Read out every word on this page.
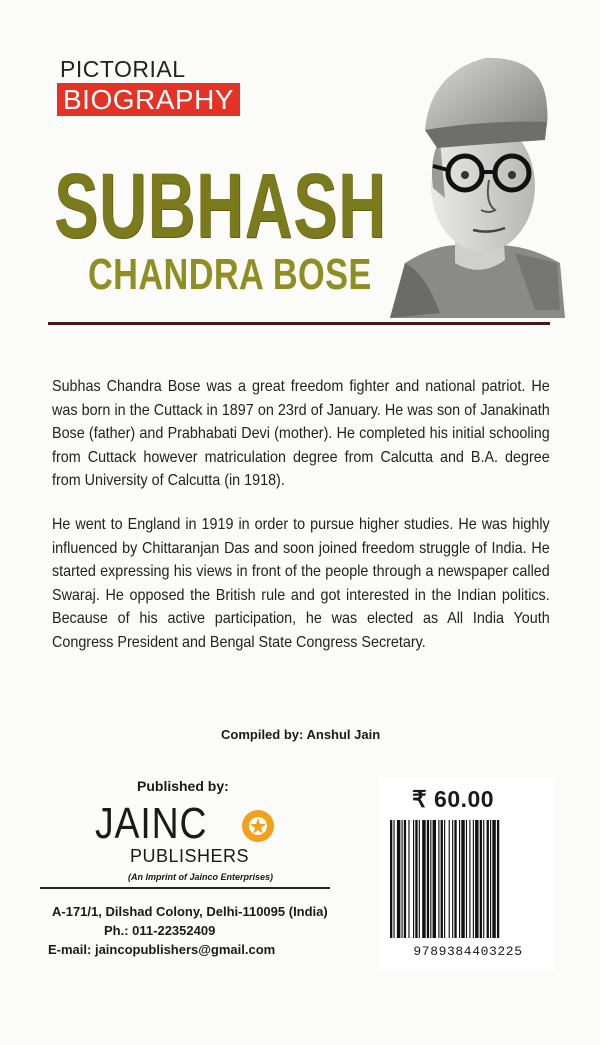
PICTORIAL
BIOGRAPHY
SUBHASH
CHANDRA BOSE

Subhas Chandra Bose was a great freedom fighter and national patriot. He was born in the Cuttack in 1897 on 23rd of January. He was son of Janakinath Bose (father) and Prabhabati Devi (mother). He completed his initial schooling from Cuttack however matriculation degree from Calcutta and B.A. degree from University of Calcutta (in 1918).

He went to England in 1919 in order to pursue higher studies. He was highly influenced by Chittaranjan Das and soon joined freedom struggle of India. He started expressing his views in front of the people through a newspaper called Swaraj. He opposed the British rule and got interested in the Indian politics. Because of his active participation, he was elected as All India Youth Congress President and Bengal State Congress Secretary.

Compiled by: Anshul Jain
Published by:
JAINC
PUBLISHERS
(An Imprint of Jainco Enterprises)
A-171/1, Dilshad Colony, Delhi-110095 (India)
Ph.: 011-22352409
E-mail: jaincopublishers@gmail.com
₹ 60.00
9789384403225
